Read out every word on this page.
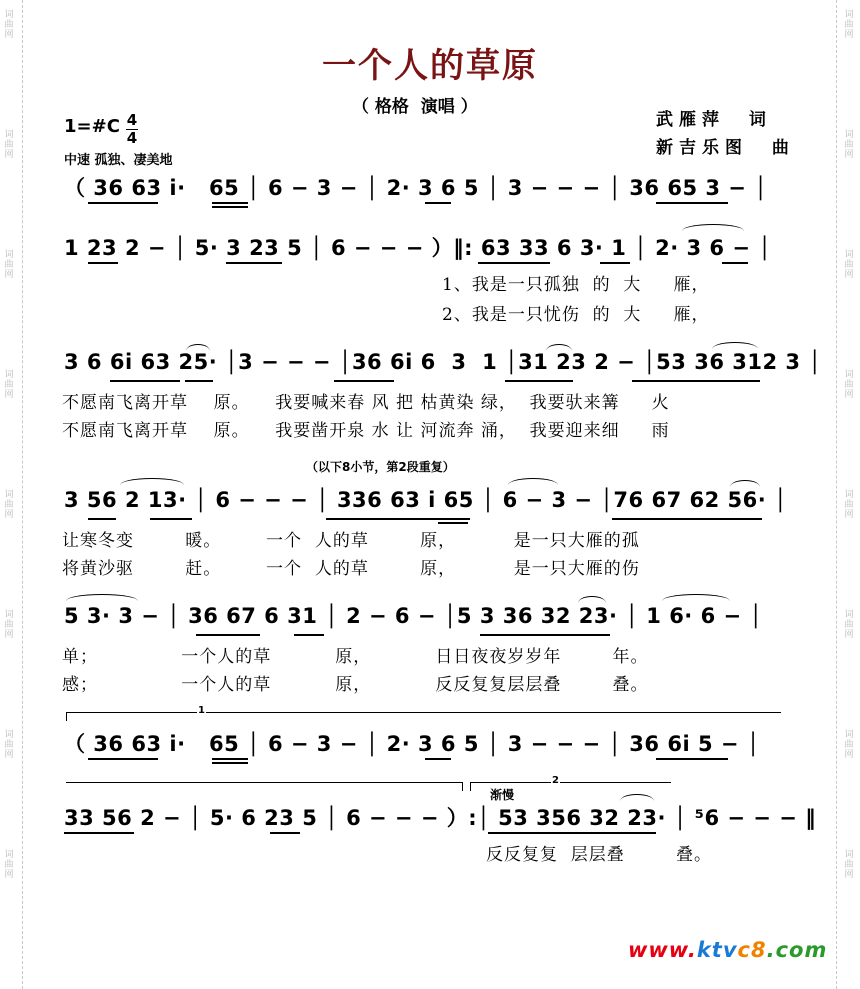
词
曲
网
词
曲
网
词
曲
网
词
曲
网
词
曲
网
词
曲
网
词
曲
网
词
曲
网
词
曲
网
词
曲
网
词
曲
网
词
曲
网
词
曲
网
词
曲
网
词
曲
网
词
曲
网
一个人的草原
（ 格格  演唱 ）
武雁萍  词
新吉乐图  曲
1=#C 4
4
中速 孤独、凄美地
（ 36 63 i·   65 │ 6 − 3 − │ 2· 3 6 5 │ 3 − − − │ 36 65 3 − │
1 23 2 − │ 5· 3 23 5 │ 6 − − − ）‖: 63 33 6 3· 1 │ 2· 3 6 − │
1、我是一只孤独  的  大     雁，
2、我是一只忧伤  的  大     雁，
3 6 6i 63 25· │3 − − − │36 6i 6  3  1 │31 23 2 − │53 36 312 3 │
不愿南飞离开草    原。    我要喊来春 风 把 枯黄染 绿，  我要驮来篝     火
不愿南飞离开草    原。    我要凿开泉 水 让 河流奔 涌，  我要迎来细     雨
（以下8小节，第2段重复）
3 56 2 13· │ 6 − − − │ 336 63 i 65 │ 6 − 3 − │76 67 62 56· │
让寒冬变        暖。       一个  人的草        原，         是一只大雁的孤
将黄沙驱        赶。       一个  人的草        原，         是一只大雁的伤
5 3· 3 − │ 36 67 6 31 │ 2 − 6 − │5 3 36 32 23· │ 1 6· 6 − │
单；             一个人的草          原，          日日夜夜岁岁年        年。
感；             一个人的草          原，          反反复复层层叠        叠。
1
（ 36 63 i·   65 │ 6 − 3 − │ 2· 3 6 5 │ 3 − − − │ 36 6i 5 − │
2
渐慢
33 56 2 − │ 5· 6 23 5 │ 6 − − − ）:│ 53 356 32 23· │ ⁵6 − − − ‖
反反复复  层层叠        叠。
www.ktvc8.com
